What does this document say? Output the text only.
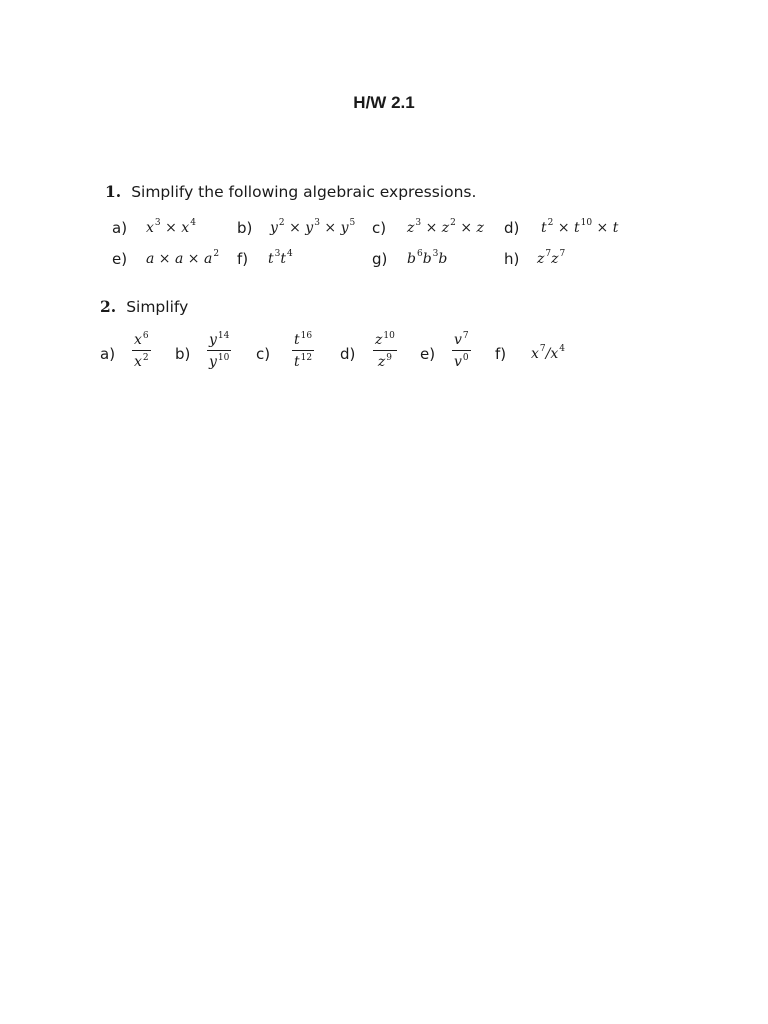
H/W 2.1
1. Simplify the following algebraic expressions.
a) $x^3 \times x^4$	b) $y^2 \times y^3 \times y^5$ c) $z^3 \times z^2 \times z$ d) $t^2 \times t^{10} \times t$
e) $a \times a \times a^2$ f) $t^3t^4$	g) $b^6b^3b$	h) $z^7z^7$
2. Simplify
a)
$x^6$
$x^2$ b)
$y^{14}$
$y^{10}$ c)
$t^{16}$
$t^{12}$ d)
$z^{10}$
$z^9$ e)
$v^7$
$v^0$ f) $x^7/x^4$
